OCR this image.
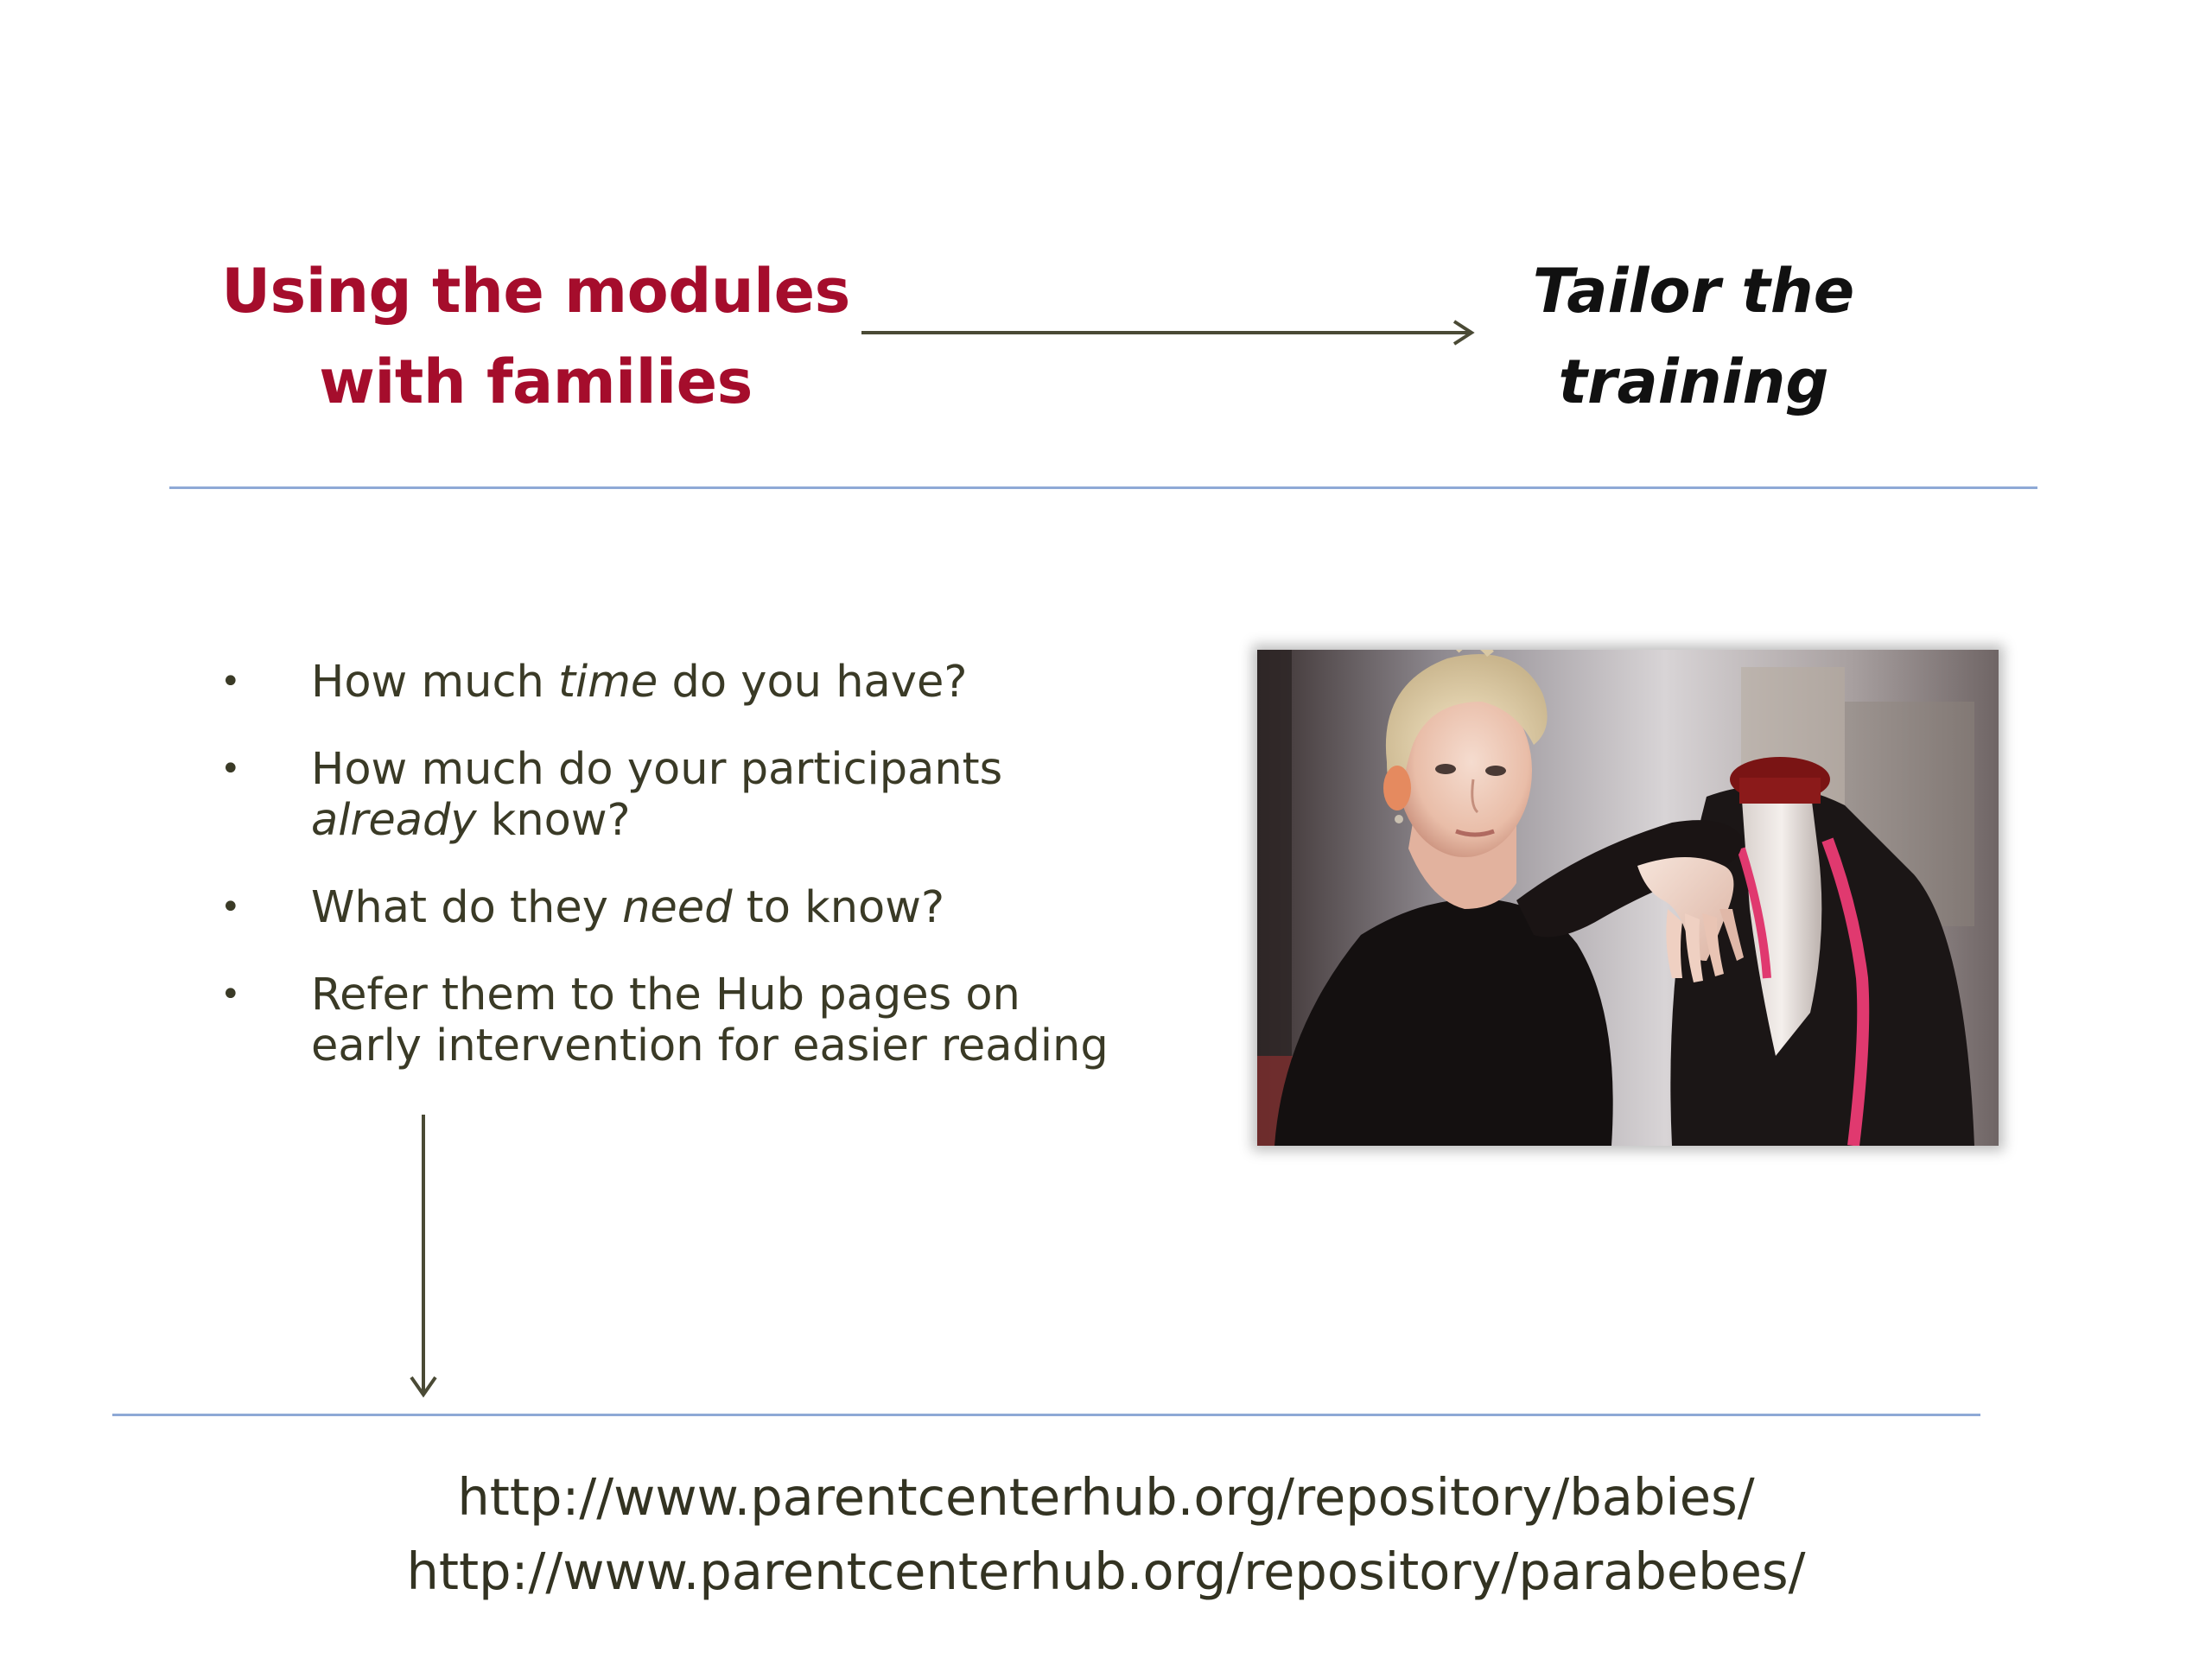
Using the modules
with families
Tailor the
training
•	How much time do you have?
•	How much do your participants
already know?
•	What do they need to know?
•	Refer them to the Hub pages on
early intervention for easier reading
http://www.parentcenterhub.org/repository/babies/
http://www.parentcenterhub.org/repository/parabebes/
